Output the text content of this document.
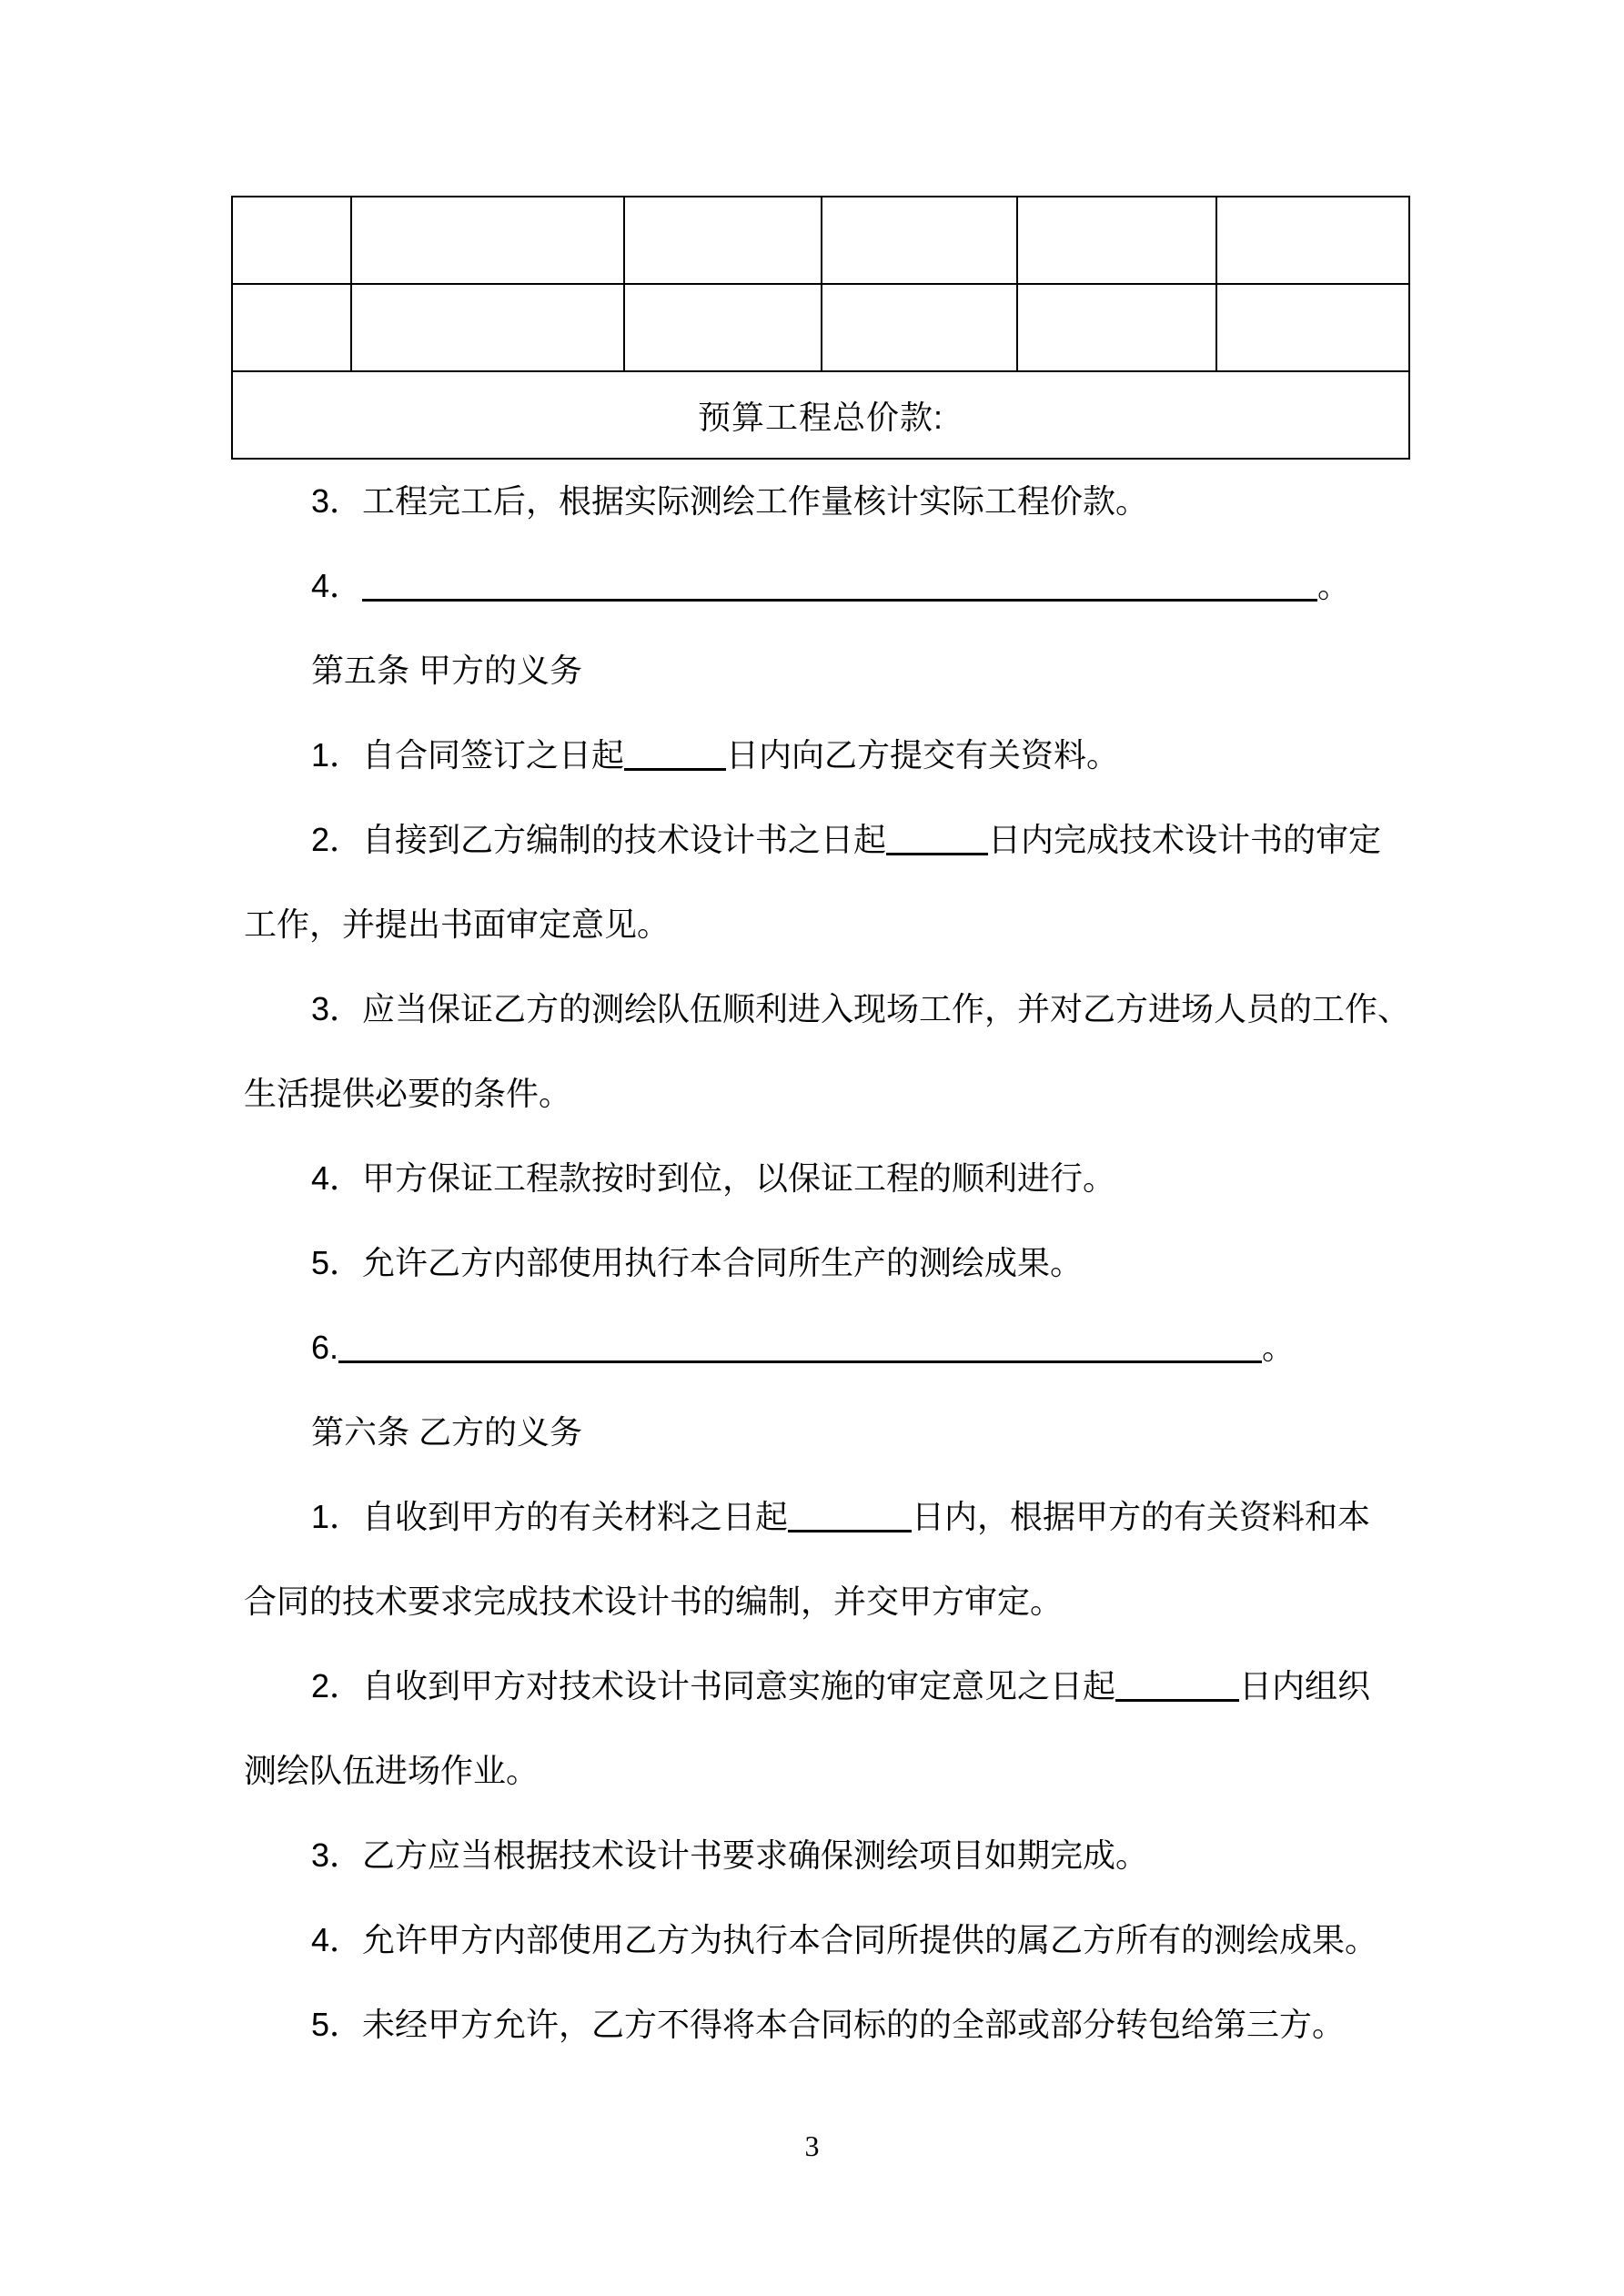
预算工程总价款:					
3．工程完工后，根据实际测绘工作量核计实际工程价款。
4．	。
第五条 甲方的义务
1．自合同签订之日起	日内向乙方提交有关资料。
2．自接到乙方编制的技术设计书之日起	日内完成技术设计书的审定
工作，并提出书面审定意见。
3．应当保证乙方的测绘队伍顺利进入现场工作，并对乙方进场人员的工作、
生活提供必要的条件。
4．甲方保证工程款按时到位，以保证工程的顺利进行。
5．允许乙方内部使用执行本合同所生产的测绘成果。
6.	。
第六条 乙方的义务
1．自收到甲方的有关材料之日起	日内，根据甲方的有关资料和本
合同的技术要求完成技术设计书的编制，并交甲方审定。
2．自收到甲方对技术设计书同意实施的审定意见之日起	日内组织
测绘队伍进场作业。
3．乙方应当根据技术设计书要求确保测绘项目如期完成。
4．允许甲方内部使用乙方为执行本合同所提供的属乙方所有的测绘成果。
5．未经甲方允许，乙方不得将本合同标的的全部或部分转包给第三方。
3
